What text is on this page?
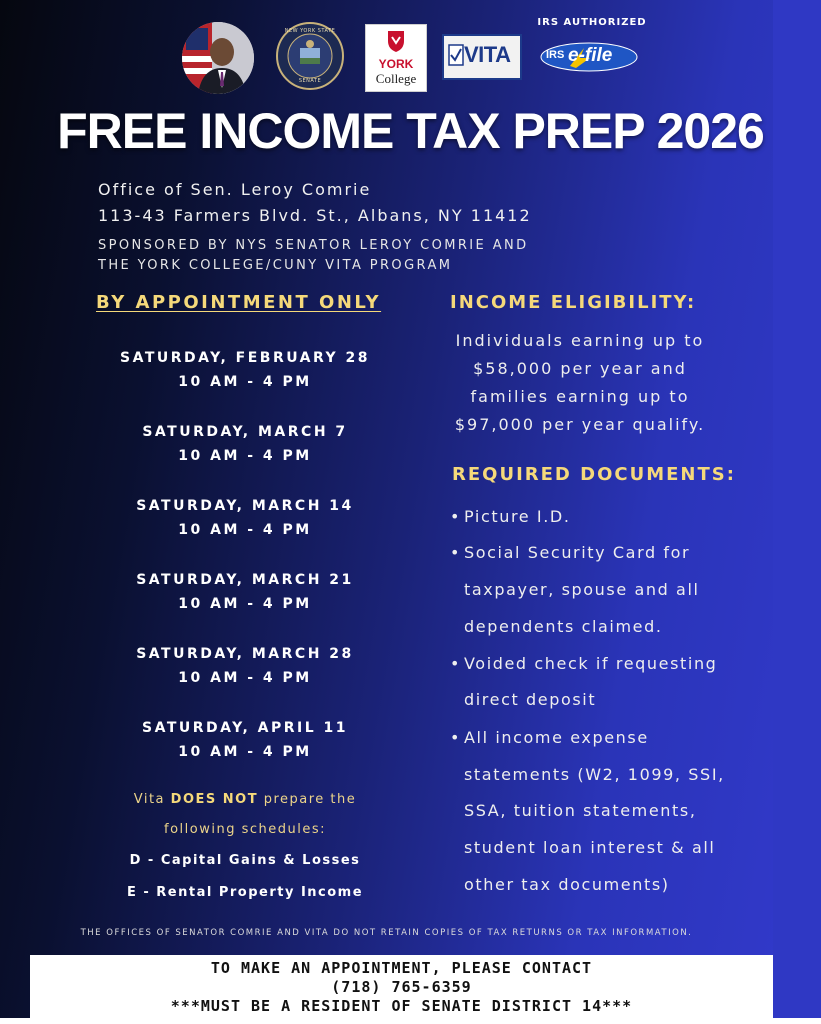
NEW YORK STATE
SENATE
YORK
College
VITA
IRS AUTHORIZED
IRS e-file
FREE INCOME TAX PREP 2026
Office of Sen. Leroy Comrie
113-43 Farmers Blvd. St., Albans, NY 11412
SPONSORED BY NYS SENATOR LEROY COMRIE AND
THE YORK COLLEGE/CUNY VITA PROGRAM
BY APPOINTMENT ONLY
SATURDAY, FEBRUARY 28
10 AM - 4 PM
SATURDAY, MARCH 7
10 AM - 4 PM
SATURDAY, MARCH 14
10 AM - 4 PM
SATURDAY, MARCH 21
10 AM - 4 PM
SATURDAY, MARCH 28
10 AM - 4 PM
SATURDAY, APRIL 11
10 AM - 4 PM
Vita DOES NOT prepare the
following schedules:
D - Capital Gains & Losses
E - Rental Property Income
INCOME ELIGIBILITY:
Individuals earning up to
$58,000 per year and
families earning up to
$97,000 per year qualify.
REQUIRED DOCUMENTS:
• Picture I.D.
• Social Security Card for
taxpayer, spouse and all
dependents claimed.
• Voided check if requesting
direct deposit
• All income expense
statements (W2, 1099, SSI,
SSA, tuition statements,
student loan interest & all
other tax documents)
THE OFFICES OF SENATOR COMRIE AND VITA DO NOT RETAIN COPIES OF TAX RETURNS OR TAX INFORMATION.
TO MAKE AN APPOINTMENT, PLEASE CONTACT
(718) 765-6359
***MUST BE A RESIDENT OF SENATE DISTRICT 14***
